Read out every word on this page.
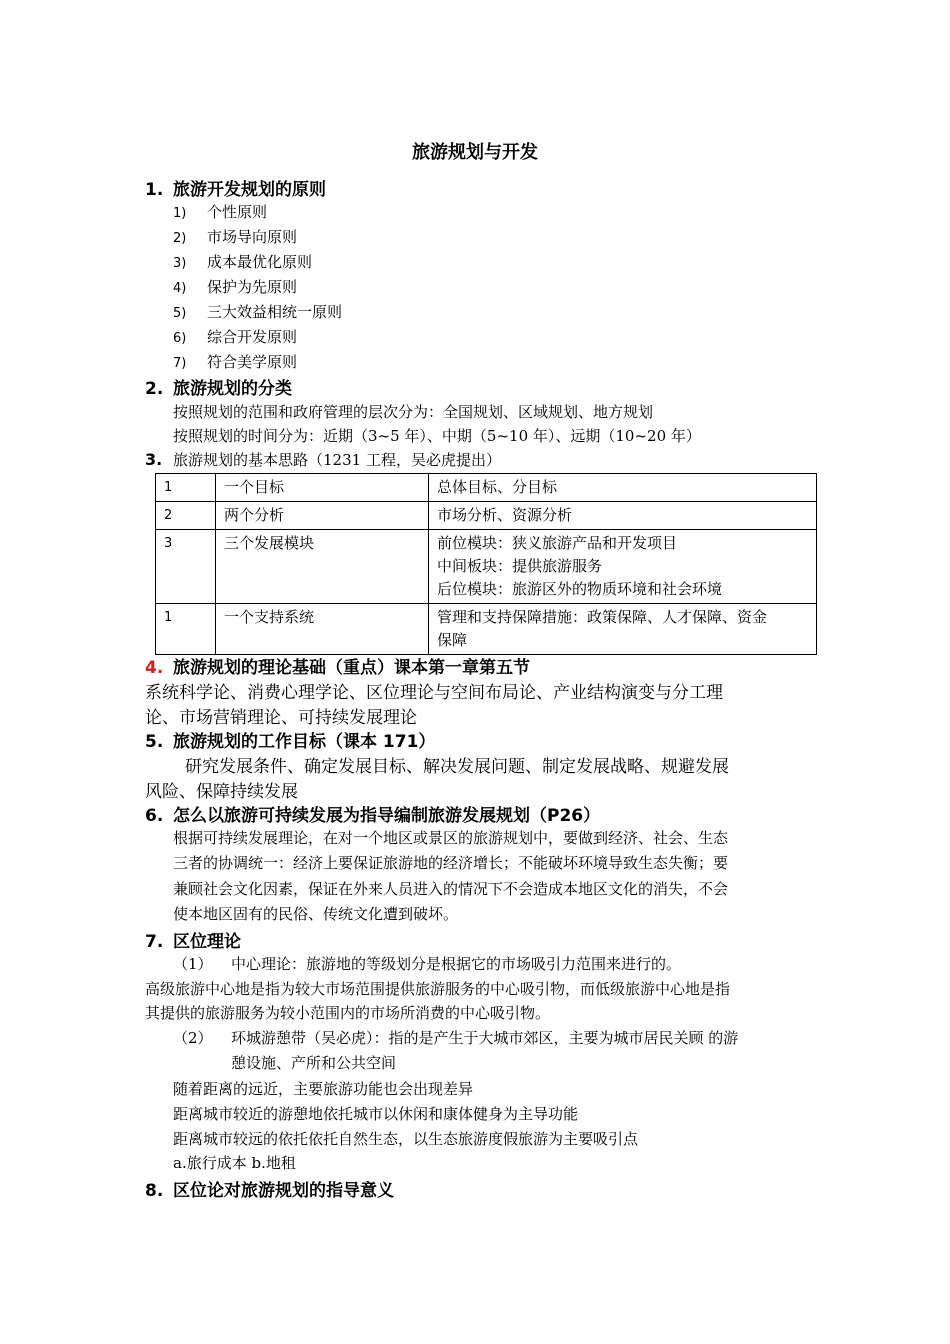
旅游规划与开发
1. 旅游开发规划的原则
1) 个性原则
2) 市场导向原则
3) 成本最优化原则
4) 保护为先原则
5) 三大效益相统一原则
6) 综合开发原则
7) 符合美学原则
2. 旅游规划的分类
按照规划的范围和政府管理的层次分为：全国规划、区域规划、地方规划
按照规划的时间分为：近期（3~5 年）、中期（5~10 年）、远期（10~20 年）
3. 旅游规划的基本思路（1231 工程，吴必虎提出）
1	一个目标	总体目标、分目标

2	两个分析	市场分析、资源分析

3	三个发展模块	前位模块：狭义旅游产品和开发项目
中间板块：提供旅游服务
后位模块：旅游区外的物质环境和社会环境

1	一个支持系统	管理和支持保障措施：政策保障、人才保障、资金
保障
4. 旅游规划的理论基础（重点）课本第一章第五节
系统科学论、消费心理学论、区位理论与空间布局论、产业结构演变与分工理
论、市场营销理论、可持续发展理论
5. 旅游规划的工作目标（课本 171）
研究发展条件、确定发展目标、解决发展问题、制定发展战略、规避发展
风险、保障持续发展
6. 怎么以旅游可持续发展为指导编制旅游发展规划（P26）
根据可持续发展理论，在对一个地区或景区的旅游规划中，要做到经济、社会、生态
三者的协调统一：经济上要保证旅游地的经济增长；不能破坏环境导致生态失衡；要
兼顾社会文化因素，保证在外来人员进入的情况下不会造成本地区文化的消失，不会
使本地区固有的民俗、传统文化遭到破坏。
7. 区位理论
（1） 中心理论：旅游地的等级划分是根据它的市场吸引力范围来进行的。
高级旅游中心地是指为较大市场范围提供旅游服务的中心吸引物，而低级旅游中心地是指
其提供的旅游服务为较小范围内的市场所消费的中心吸引物。
（2） 环城游憩带（吴必虎）：指的是产生于大城市郊区，主要为城市居民关顾 的游
憩设施、产所和公共空间
随着距离的远近，主要旅游功能也会出现差异
距离城市较近的游憩地依托城市以休闲和康体健身为主导功能
距离城市较远的依托依托自然生态，以生态旅游度假旅游为主要吸引点
a.旅行成本 b.地租
8. 区位论对旅游规划的指导意义
